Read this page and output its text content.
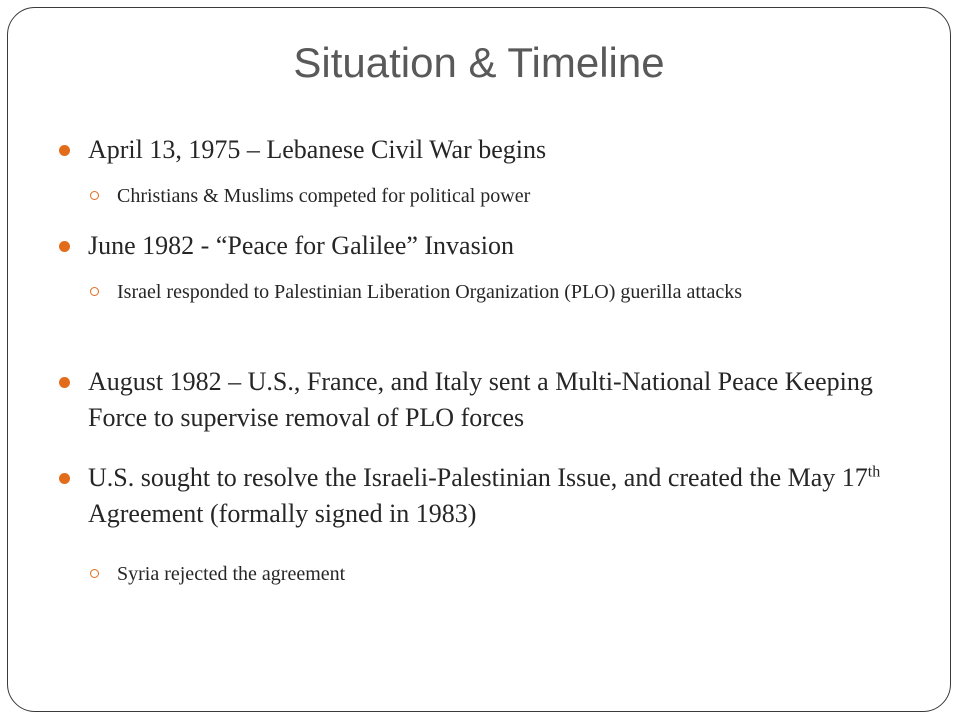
Situation & Timeline
April 13, 1975 – Lebanese Civil War begins
Christians & Muslims competed for political power
June 1982 - “Peace for Galilee” Invasion
Israel responded to Palestinian Liberation Organization (PLO) guerilla attacks
August 1982 – U.S., France, and Italy sent a Multi-National Peace Keeping Force to supervise removal of PLO forces
U.S. sought to resolve the Israeli-Palestinian Issue, and created the May 17th Agreement (formally signed in 1983)
Syria rejected the agreement
